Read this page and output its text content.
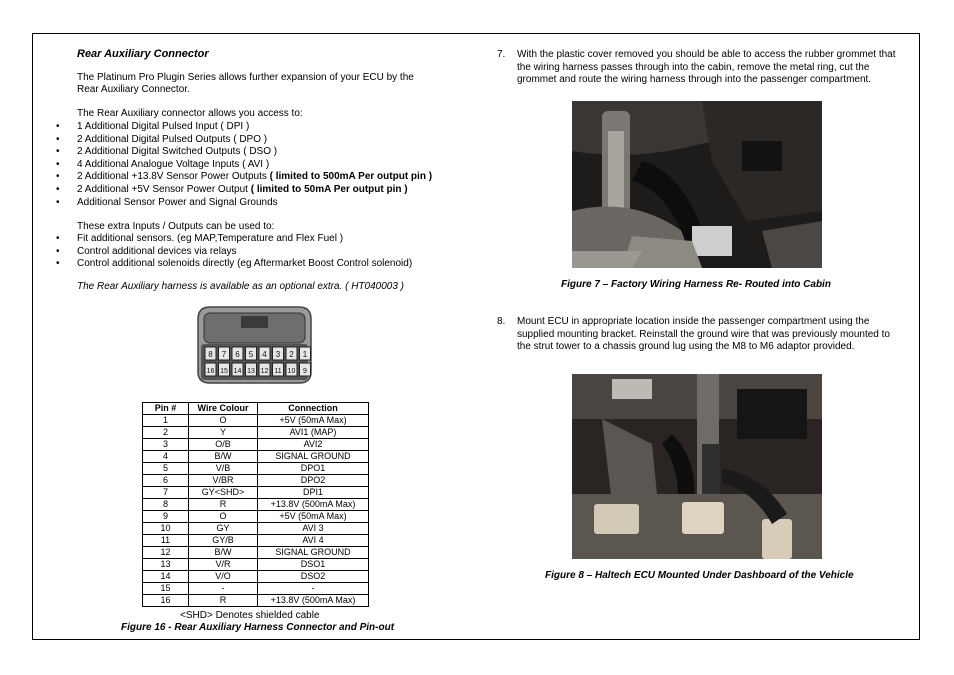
Rear Auxiliary Connector
The Platinum Pro Plugin Series allows further expansion of your ECU by the
Rear Auxiliary Connector.
The Rear Auxiliary connector allows you access to:
• 1 Additional Digital Pulsed Input ( DPI )
• 2 Additional Digital Pulsed Outputs ( DPO )
• 2 Additional Digital Switched Outputs ( DSO )
• 4 Additional Analogue Voltage Inputs ( AVI )
• 2 Additional +13.8V Sensor Power Outputs ( limited to 500mA Per output pin )
• 2 Additional +5V Sensor Power Output ( limited to 50mA Per output pin )
• Additional Sensor Power and Signal Grounds
These extra Inputs / Outputs can be used to:
• Fit additional sensors. (eg MAP,Temperature and Flex Fuel )
• Control additional devices via relays
• Control additional solenoids directly (eg Aftermarket Boost Control solenoid)
The Rear Auxiliary harness is available as an optional extra. ( HT040003 )
8 7 6 5 4 3 2 1
16 15 14 13 12 11 10 9
Pin #	Wire Colour	Connection
1	O	+5V (50mA Max)
2	Y	AVI1 (MAP)
3	O/B	AVI2
4	B/W	SIGNAL GROUND
5	V/B	DPO1
6	V/BR	DPO2
7	GY<SHD>	DPI1
8	R	+13.8V (500mA Max)
9	O	+5V (50mA Max)
10	GY	AVI 3
11	GY/B	AVI 4
12	B/W	SIGNAL GROUND
13	V/R	DSO1
14	V/O	DSO2
15	-	-
16	R	+13.8V (500mA Max)
<SHD> Denotes shielded cable
Figure 16 - Rear Auxiliary Harness Connector and Pin-out
7. With the plastic cover removed you should be able to access the rubber grommet that
the wiring harness passes through into the cabin, remove the metal ring, cut the
grommet and route the wiring harness through into the passenger compartment.
Figure 7 – Factory Wiring Harness Re- Routed into Cabin
8. Mount ECU in appropriate location inside the passenger compartment using the
supplied mounting bracket. Reinstall the ground wire that was previously mounted to
the strut tower to a chassis ground lug using the M8 to M6 adaptor provided.
Figure 8 – Haltech ECU Mounted Under Dashboard of the Vehicle
